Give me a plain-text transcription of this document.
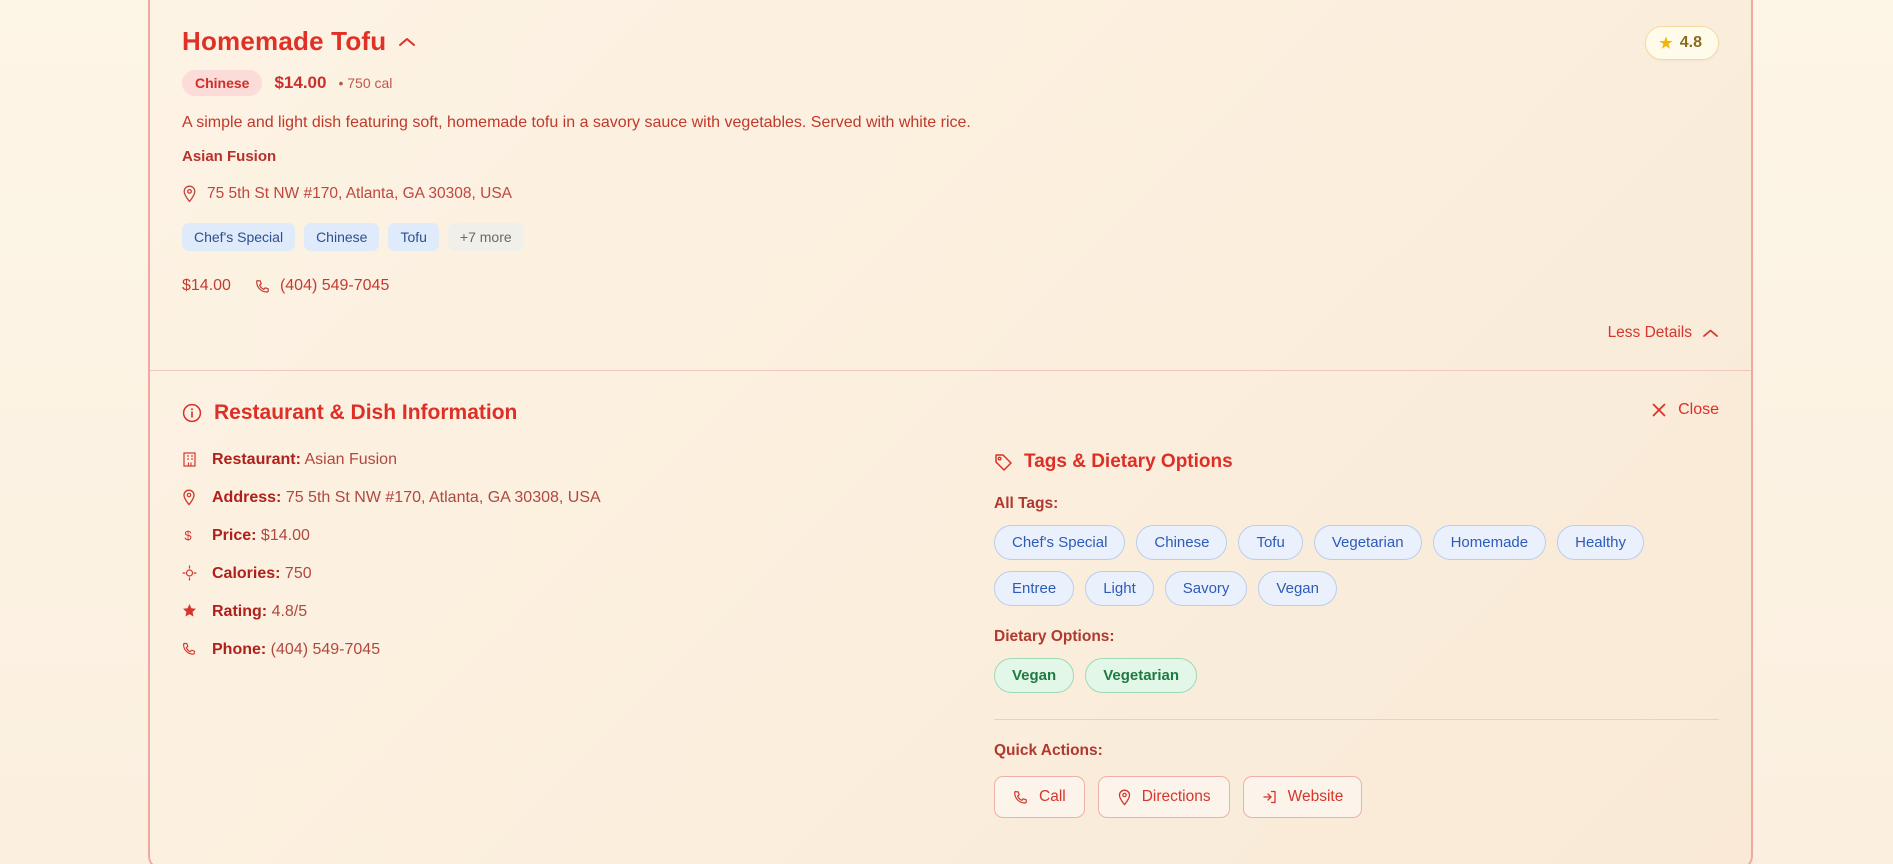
Homemade Tofu	★ 4.8
Chinese	$14.00 • 750 cal
A simple and light dish featuring soft, homemade tofu in a savory sauce with vegetables. Served with white rice.
Asian Fusion
75 5th St NW #170, Atlanta, GA 30308, USA
Chef's Special	Chinese	Tofu	+7 more
$14.00	(404) 549-7045
Less Details
Restaurant & Dish Information	Close
Restaurant: Asian Fusion
Address: 75 5th St NW #170, Atlanta, GA 30308, USA
$ Price: $14.00
Calories: 750
Rating: 4.8/5
Phone: (404) 549-7045
Tags & Dietary Options
All Tags:
Chef's Special	Chinese	Tofu	Vegetarian	Homemade	Healthy
Entree	Light	Savory	Vegan
Dietary Options:
Vegan	Vegetarian
Quick Actions:
Call	Directions	Website
